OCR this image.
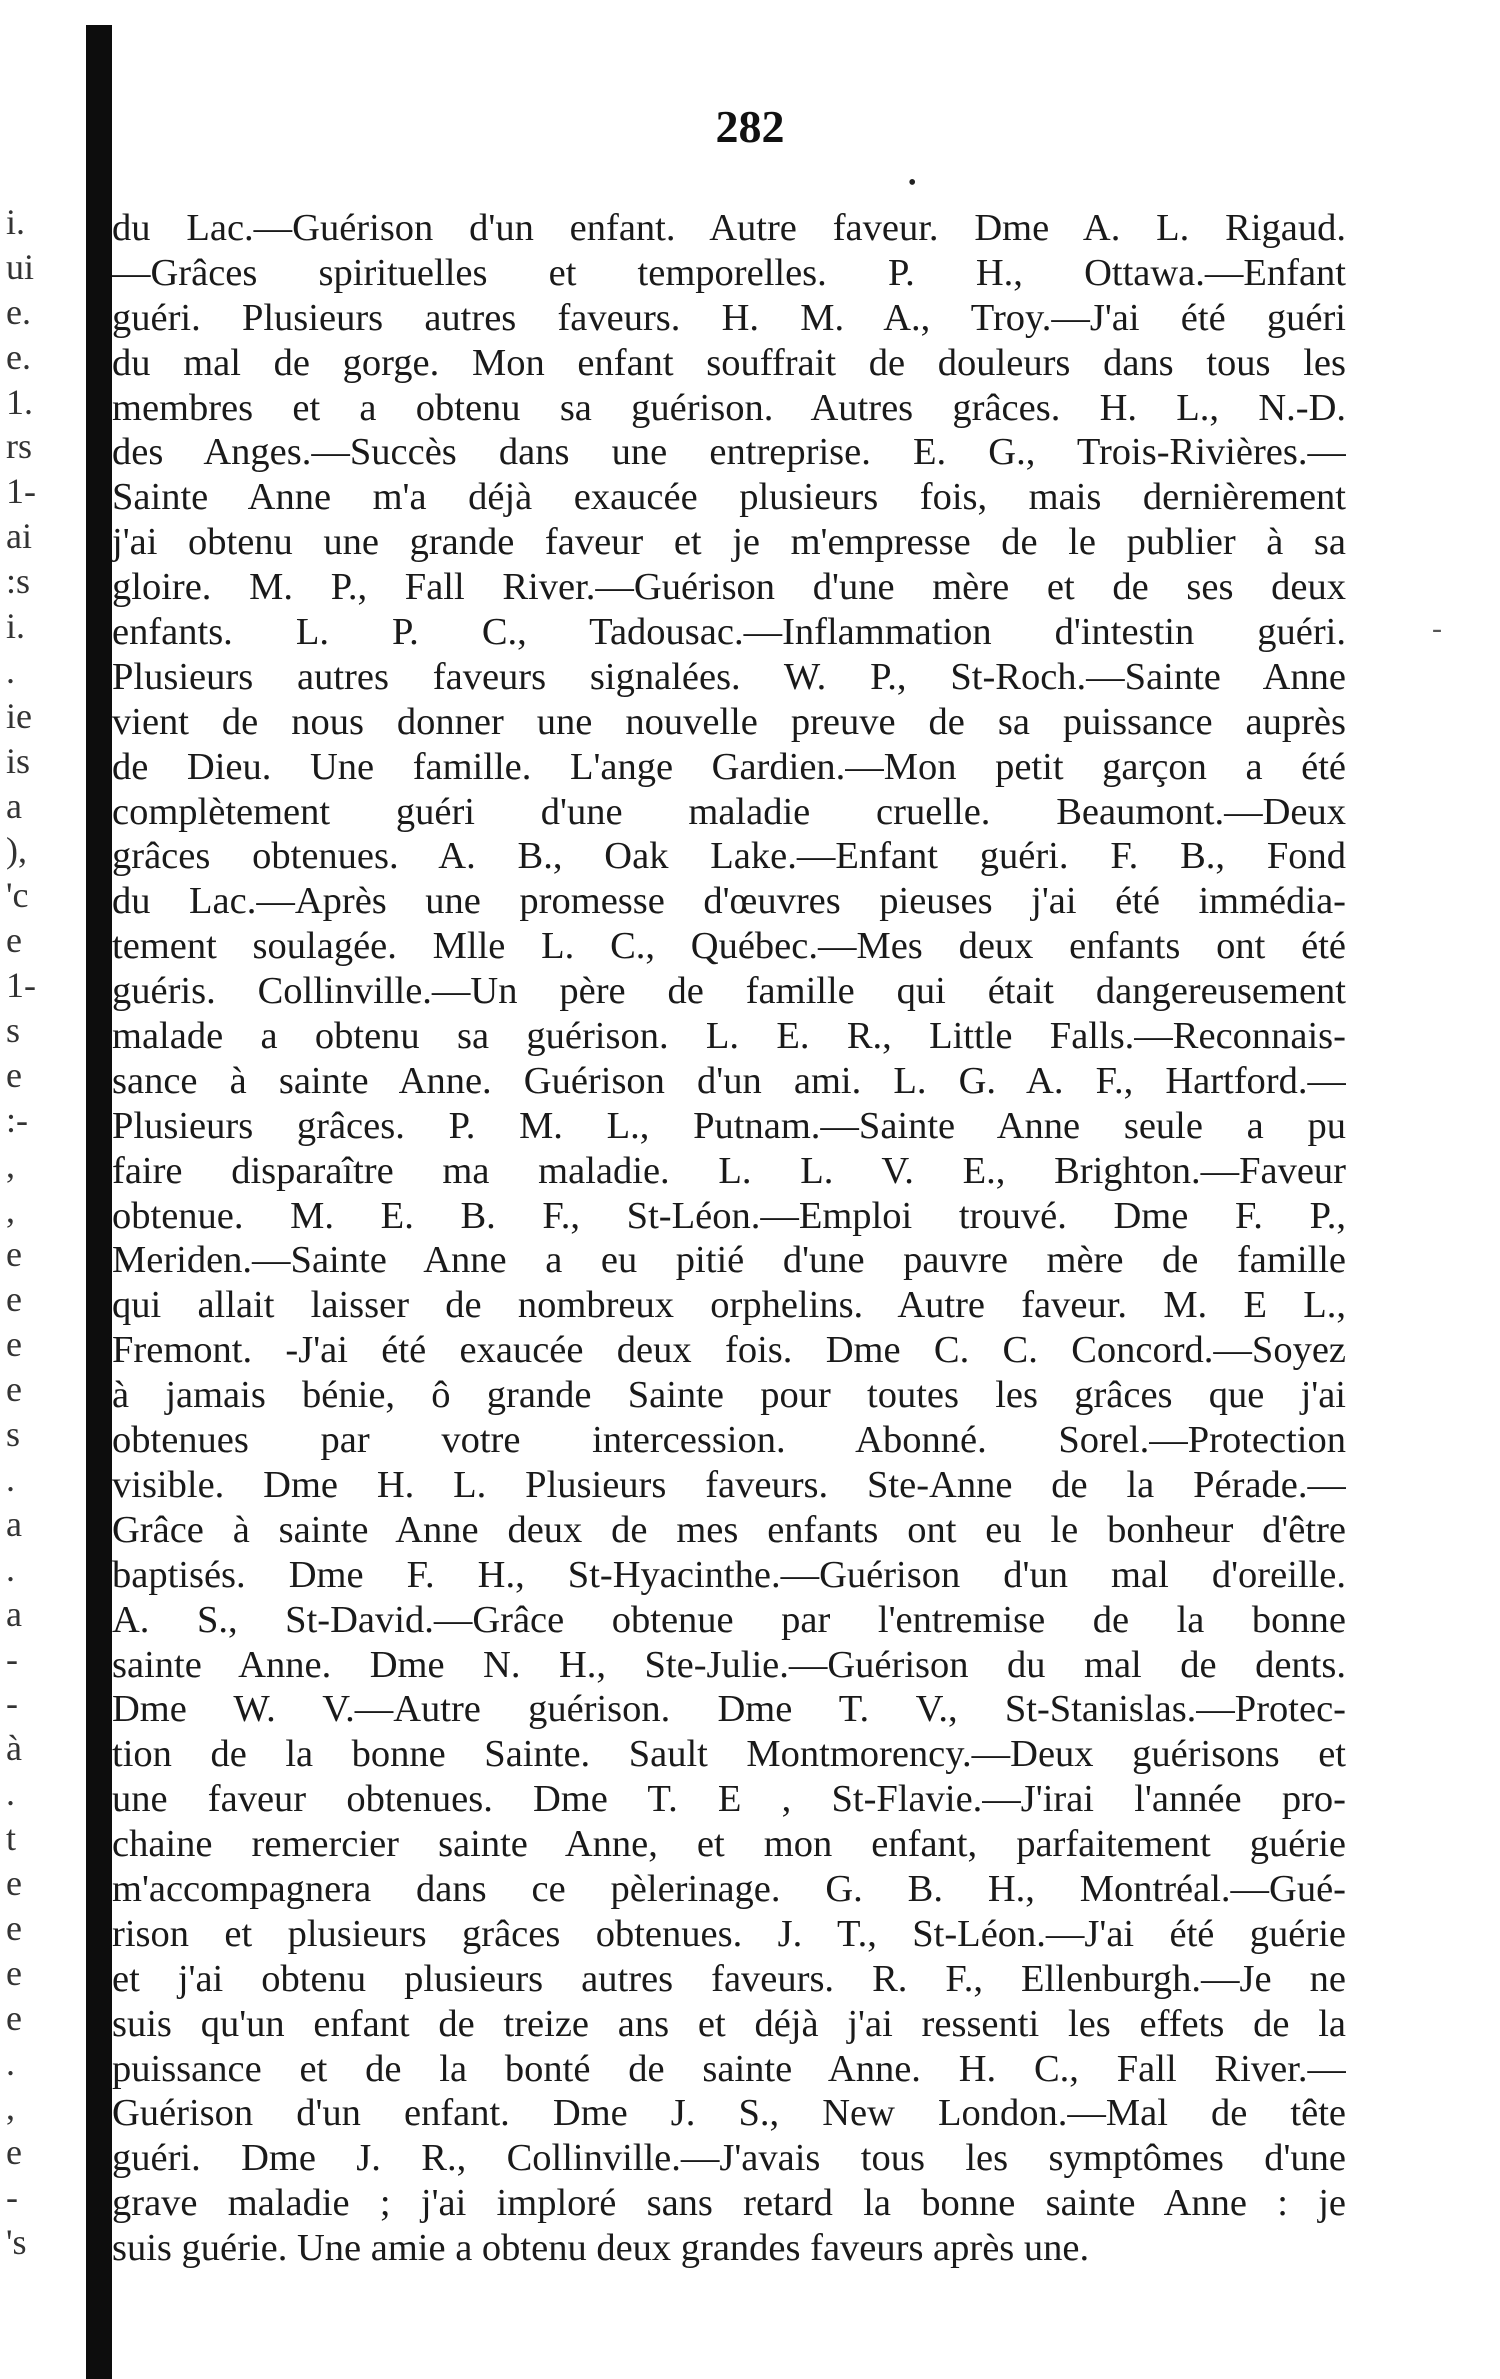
i.
ui
e.
e.
1.
rs
1-
ai
:s
i.
.
ie
is
a
),
'c
e
1-
s
e
:-
,
,
e
e
e
e
s
.
a
.
a
-
-
à
.
t
e
e
e
e
.
,
e
-
's
282
•
-
du Lac.—Guérison d'un enfant. Autre faveur. Dme A. L. Rigaud.
—Grâces spirituelles et temporelles. P. H., Ottawa.—Enfant
guéri. Plusieurs autres faveurs. H. M. A., Troy.—J'ai été guéri
du mal de gorge. Mon enfant souffrait de douleurs dans tous les
membres et a obtenu sa guérison. Autres grâces. H. L., N.-D.
des Anges.—Succès dans une entreprise. E. G., Trois-Rivières.—
Sainte Anne m'a déjà exaucée plusieurs fois, mais dernièrement
j'ai obtenu une grande faveur et je m'empresse de le publier à sa
gloire. M. P., Fall River.—Guérison d'une mère et de ses deux
enfants. L. P. C., Tadousac.—Inflammation d'intestin guéri.
Plusieurs autres faveurs signalées. W. P., St-Roch.—Sainte Anne
vient de nous donner une nouvelle preuve de sa puissance auprès
de Dieu. Une famille. L'ange Gardien.—Mon petit garçon a été
complètement guéri d'une maladie cruelle. Beaumont.—Deux
grâces obtenues. A. B., Oak Lake.—Enfant guéri. F. B., Fond
du Lac.—Après une promesse d'œuvres pieuses j'ai été immédia-
tement soulagée. Mlle L. C., Québec.—Mes deux enfants ont été
guéris. Collinville.—Un père de famille qui était dangereusement
malade a obtenu sa guérison. L. E. R., Little Falls.—Reconnais-
sance à sainte Anne. Guérison d'un ami. L. G. A. F., Hartford.—
Plusieurs grâces. P. M. L., Putnam.—Sainte Anne seule a pu
faire disparaître ma maladie. L. L. V. E., Brighton.—Faveur
obtenue. M. E. B. F., St-Léon.—Emploi trouvé. Dme F. P.,
Meriden.—Sainte Anne a eu pitié d'une pauvre mère de famille
qui allait laisser de nombreux orphelins. Autre faveur. M. E L.,
Fremont. -J'ai été exaucée deux fois. Dme C. C. Concord.—Soyez
à jamais bénie, ô grande Sainte pour toutes les grâces que j'ai
obtenues par votre intercession. Abonné. Sorel.—Protection
visible. Dme H. L. Plusieurs faveurs. Ste-Anne de la Pérade.—
Grâce à sainte Anne deux de mes enfants ont eu le bonheur d'être
baptisés. Dme F. H., St-Hyacinthe.—Guérison d'un mal d'oreille.
A. S., St-David.—Grâce obtenue par l'entremise de la bonne
sainte Anne. Dme N. H., Ste-Julie.—Guérison du mal de dents.
Dme W. V.—Autre guérison. Dme T. V., St-Stanislas.—Protec-
tion de la bonne Sainte. Sault Montmorency.—Deux guérisons et
une faveur obtenues. Dme T. E , St-Flavie.—J'irai l'année pro-
chaine remercier sainte Anne, et mon enfant, parfaitement guérie
m'accompagnera dans ce pèlerinage. G. B. H., Montréal.—Gué-
rison et plusieurs grâces obtenues. J. T., St-Léon.—J'ai été guérie
et j'ai obtenu plusieurs autres faveurs. R. F., Ellenburgh.—Je ne
suis qu'un enfant de treize ans et déjà j'ai ressenti les effets de la
puissance et de la bonté de sainte Anne. H. C., Fall River.—
Guérison d'un enfant. Dme J. S., New London.—Mal de tête
guéri. Dme J. R., Collinville.—J'avais tous les symptômes d'une
grave maladie ; j'ai imploré sans retard la bonne sainte Anne : je
suis guérie. Une amie a obtenu deux grandes faveurs après une.
